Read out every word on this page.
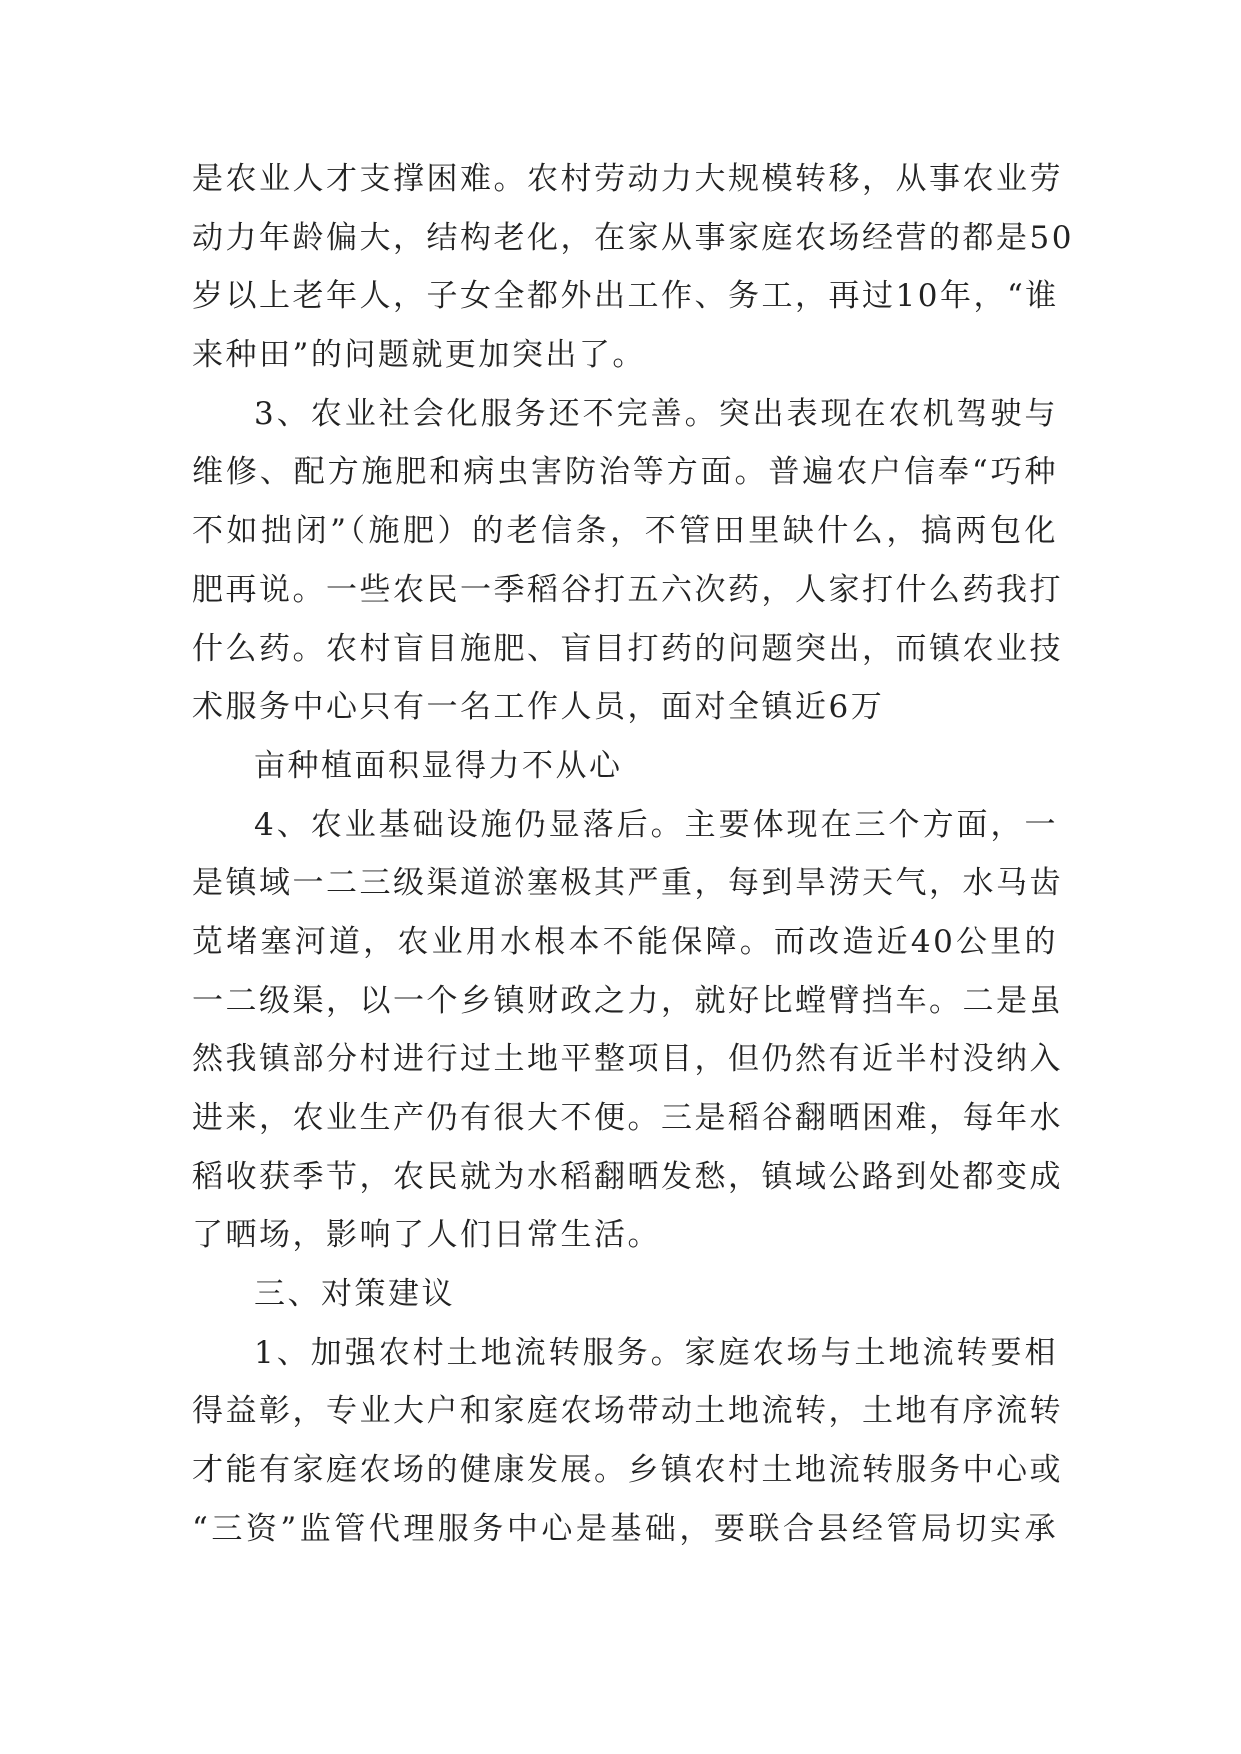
是农业人才支撑困难。农村劳动力大规模转移，从事农业劳
动力年龄偏大，结构老化，在家从事家庭农场经营的都是50
岁以上老年人，子女全都外出工作、务工，再过10年，“谁
来种田”的问题就更加突出了。
3、农业社会化服务还不完善。突出表现在农机驾驶与
维修、配方施肥和病虫害防治等方面。普遍农户信奉“巧种
不如拙闭”（施肥）的老信条，不管田里缺什么，搞两包化
肥再说。一些农民一季稻谷打五六次药，人家打什么药我打
什么药。农村盲目施肥、盲目打药的问题突出，而镇农业技
术服务中心只有一名工作人员，面对全镇近6万
亩种植面积显得力不从心
4、农业基础设施仍显落后。主要体现在三个方面，一
是镇域一二三级渠道淤塞极其严重，每到旱涝天气，水马齿
苋堵塞河道，农业用水根本不能保障。而改造近40公里的
一二级渠，以一个乡镇财政之力，就好比螳臂挡车。二是虽
然我镇部分村进行过土地平整项目，但仍然有近半村没纳入
进来，农业生产仍有很大不便。三是稻谷翻晒困难，每年水
稻收获季节，农民就为水稻翻晒发愁，镇域公路到处都变成
了晒场，影响了人们日常生活。
三、对策建议
1、加强农村土地流转服务。家庭农场与土地流转要相
得益彰，专业大户和家庭农场带动土地流转，土地有序流转
才能有家庭农场的健康发展。乡镇农村土地流转服务中心或
“三资”监管代理服务中心是基础，要联合县经管局切实承
